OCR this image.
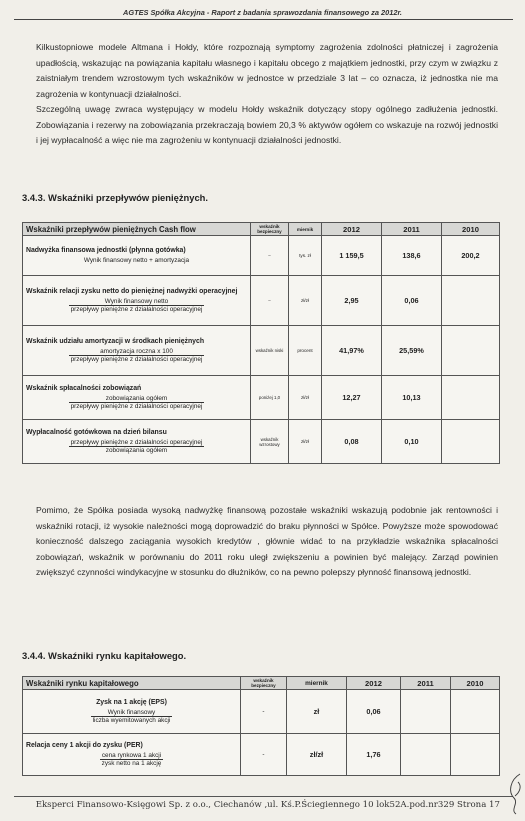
AGTES Spółka Akcyjna - Raport z badania sprawozdania finansowego za 2012r.

Kilkustopniowe modele Altmana i Hołdy, które rozpoznają symptomy zagrożenia zdolności płatniczej i zagrożenia upadłością, wskazując na powiązania kapitału własnego i kapitału obcego z majątkiem jednostki, przy czym w związku z zaistniałym trendem wzrostowym tych wskaźników w jednostce w przedziale 3 lat – co oznacza, iż jednostka nie ma zagrożenia w kontynuacji działalności.

Szczególną uwagę zwraca występujący w modelu Hołdy wskaźnik dotyczący stopy ogólnego zadłużenia jednostki. Zobowiązania i rezerwy na zobowiązania przekraczają bowiem 20,3 % aktywów ogółem co wskazuje na rozwój jednostki i jej wypłacalność a więc nie ma zagrożeniu w kontynuacji działalności jednostki.

3.4.3. Wskaźniki przepływów pieniężnych.
Wskaźniki przepływów pieniężnych Cash flow	wskaźnik bezpieczny	miernik	2012	2011	2010

Nadwyżka finansowa jednostki (płynna gotówka)
Wynik finansowy netto + amortyzacja	–	tys. zł	1 159,5	138,6	200,2

Wskaźnik relacji zysku netto do pieniężnej nadwyżki operacyjnej
$\frac{\text{Wynik finansowy netto}}{\text{przepływy pieniężne z działalności operacyjnej}}$	–	zł/zł	2,95	0,06	

Wskaźnik udziału amortyzacji w środkach pieniężnych
$\frac{\text{amortyzacja roczna x 100}}{\text{przepływy pieniężne z działalności operacyjnej}}$	wskaźnik niski	procent	41,97%	25,59%	

Wskaźnik spłacalności zobowiązań
$\frac{\text{zobowiązania ogółem}}{\text{przepływy pieniężne z działalności operacyjnej}}$	poniżej 1,0	zł/zł	12,27	10,13	

Wypłacalność gotówkowa na dzień bilansu
$\frac{\text{przepływy pieniężne z działalności operacyjnej}}{\text{zobowiązania ogółem}}$	wskaźnik wzrostowy	zł/zł	0,08	0,10	
Pomimo, że Spółka posiada wysoką nadwyżkę finansową pozostałe wskaźniki wskazują podobnie jak rentowności i wskaźniki rotacji, iż wysokie należności mogą doprowadzić do braku płynności w Spółce. Powyższe może spowodować konieczność dalszego zaciągania wysokich kredytów , głównie widać to na przykładzie wskaźnika spłacalności zobowiązań, wskaźnik w porównaniu do 2011 roku uległ zwiększeniu a powinien być malejący. Zarząd powinien zwiększyć czynności windykacyjne w stosunku do dłużników, co na pewno polepszy płynność finansową jednostki.
3.4.4. Wskaźniki rynku kapitałowego.
Wskaźniki rynku kapitałowego	wskaźnik bezpieczny	miernik	2012	2011	2010

Zysk na 1 akcję (EPS)
$\frac{\text{Wynik finansowy}}{\text{liczba wyemitowanych akcji}}$	-	zł	0,06		

Relacja ceny 1 akcji do zysku (PER)
$\frac{\text{cena rynkowa 1 akcji}}{\text{zysk netto na 1 akcję}}$	-	zł/zł	1,76		
Eksperci Finansowo-Księgowi Sp. z o.o., Ciechanów ,ul. Kś.P.Ściegiennego 10 lok52A.pod.nr329 Strona 17
